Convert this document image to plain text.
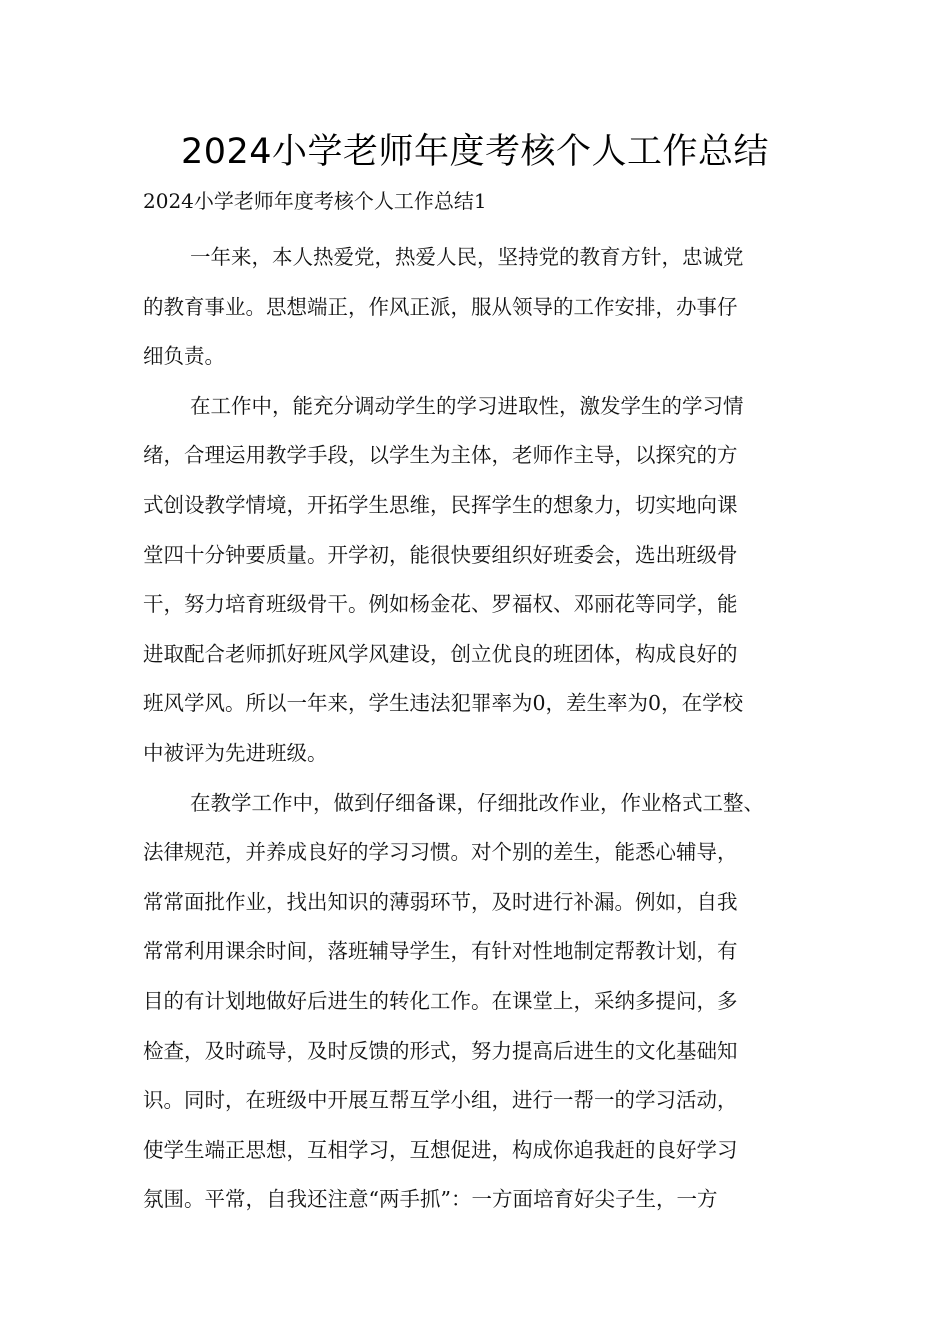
2024小学老师年度考核个人工作总结

2024小学老师年度考核个人工作总结1

一年来，本人热爱党，热爱人民，坚持党的教育方针，忠诚党
的教育事业。思想端正，作风正派，服从领导的工作安排，办事仔
细负责。
在工作中，能充分调动学生的学习进取性，激发学生的学习情
绪，合理运用教学手段，以学生为主体，老师作主导，以探究的方
式创设教学情境，开拓学生思维，民挥学生的想象力，切实地向课
堂四十分钟要质量。开学初，能很快要组织好班委会，选出班级骨
干，努力培育班级骨干。例如杨金花、罗福权、邓丽花等同学，能
进取配合老师抓好班风学风建设，创立优良的班团体，构成良好的
班风学风。所以一年来，学生违法犯罪率为0，差生率为0，在学校
中被评为先进班级。
在教学工作中，做到仔细备课，仔细批改作业，作业格式工整、
法律规范，并养成良好的学习习惯。对个别的差生，能悉心辅导，
常常面批作业，找出知识的薄弱环节，及时进行补漏。例如，自我
常常利用课余时间，落班辅导学生，有针对性地制定帮教计划，有
目的有计划地做好后进生的转化工作。在课堂上，采纳多提问，多
检查，及时疏导，及时反馈的形式，努力提高后进生的文化基础知
识。同时，在班级中开展互帮互学小组，进行一帮一的学习活动，
使学生端正思想，互相学习，互想促进，构成你追我赶的良好学习
氛围。平常，自我还注意“两手抓”：一方面培育好尖子生，一方
